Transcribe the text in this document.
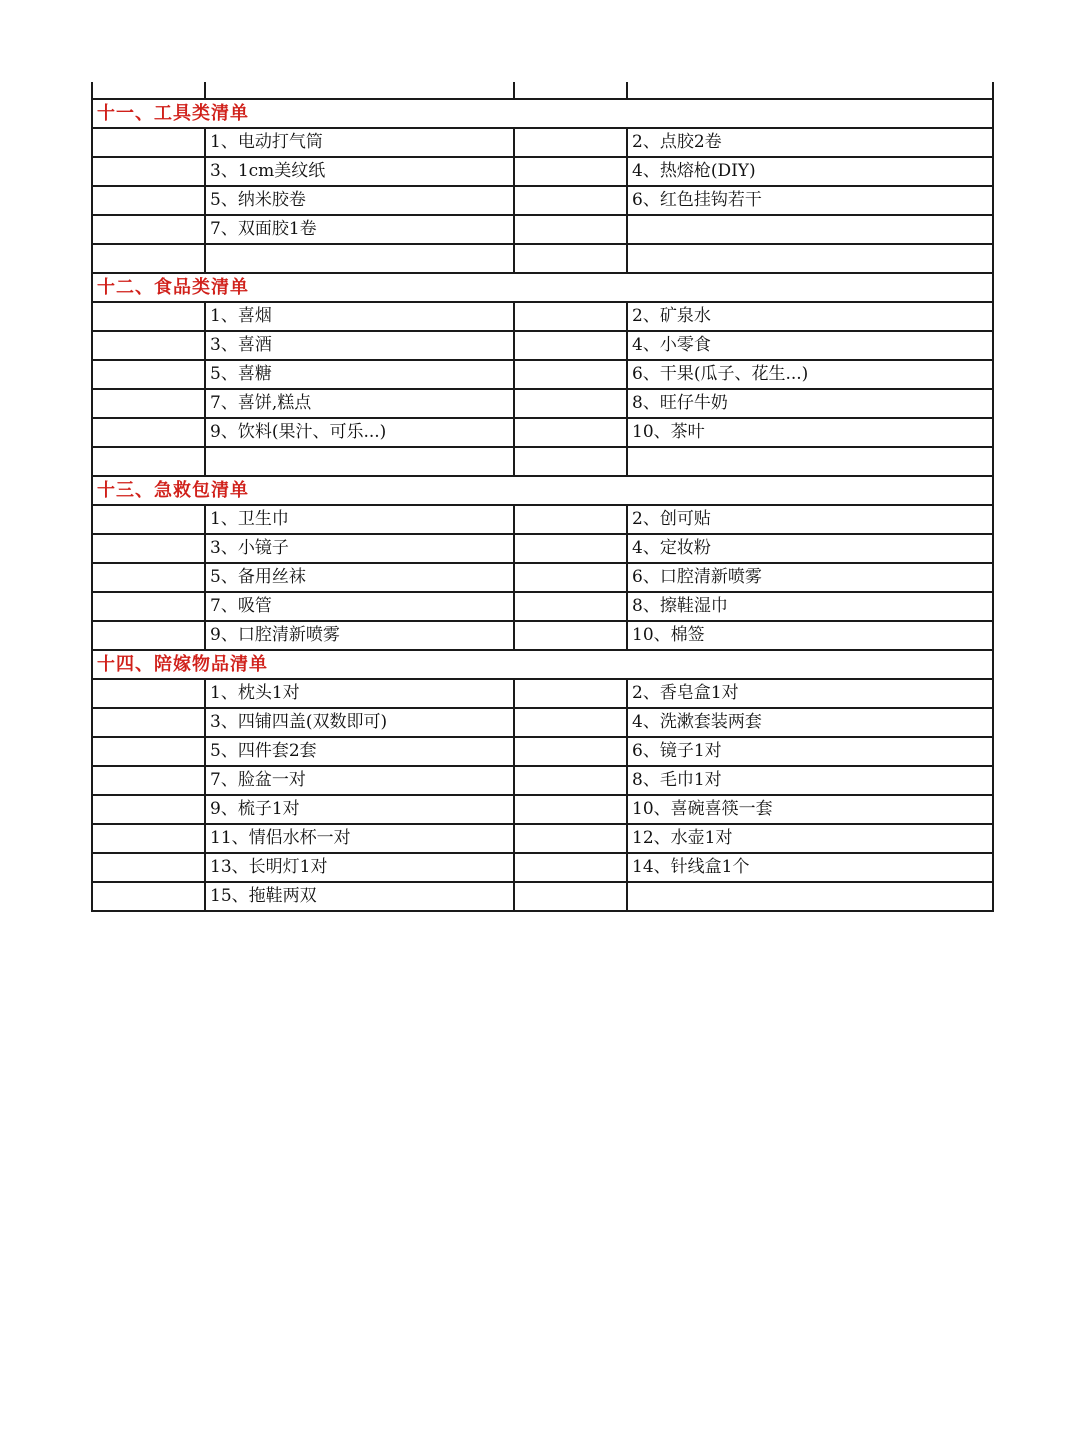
十一、工具类清单			
	1、电动打气筒		2、点胶2卷
	3、1cm美纹纸		4、热熔枪(DIY)
	5、纳米胶卷		6、红色挂钩若干
	7、双面胶1卷		

十二、食品类清单			
	1、喜烟		2、矿泉水
	3、喜酒		4、小零食
	5、喜糖		6、干果(瓜子、花生...)
	7、喜饼,糕点		8、旺仔牛奶
	9、饮料(果汁、可乐...)		10、茶叶

十三、急救包清单			
	1、卫生巾		2、创可贴
	3、小镜子		4、定妆粉
	5、备用丝袜		6、口腔清新喷雾
	7、吸管		8、擦鞋湿巾
	9、口腔清新喷雾		10、棉签
十四、陪嫁物品清单			
	1、枕头1对		2、香皂盒1对
	3、四铺四盖(双数即可)		4、洗漱套装两套
	5、四件套2套		6、镜子1对
	7、脸盆一对		8、毛巾1对
	9、梳子1对		10、喜碗喜筷一套
	11、情侣水杯一对		12、水壶1对
	13、长明灯1对		14、针线盒1个
	15、拖鞋两双		
